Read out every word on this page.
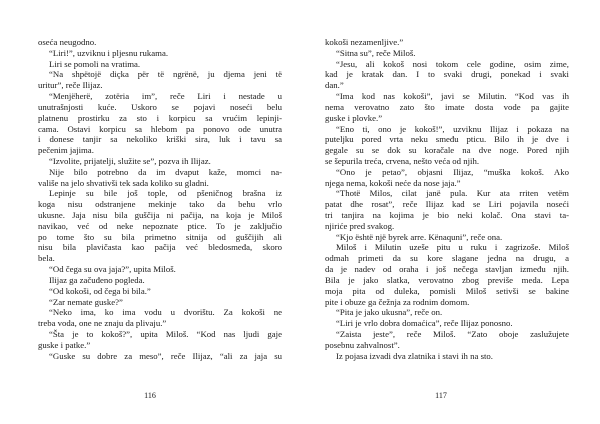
oseća neugodno.
“Liri!”, uzviknu i pljesnu rukama.
Liri se pomoli na vratima.
“Na shpëtojë diçka për të ngrënë, ju djema jeni të
uritur”, reče Ilijaz.
“Menjëherë, zotëria im”, reče Liri i nestade u
unutrašnjosti kuće. Uskoro se pojavi noseći belu
platnenu prostirku za sto i korpicu sa vrućim lepinji-
cama. Ostavi korpicu sa hlebom pa ponovo ode unutra
i donese tanjir sa nekoliko kriški sira, luk i tavu sa
pečenim jajima.
“Izvolite, prijatelji, služite se”, pozva ih Ilijaz.
Nije bilo potrebno da im dvaput kaže, momci na-
vališe na jelo shvativši tek sada koliko su gladni.
Lepinje su bile još tople, od pšeničnog brašna iz
koga nisu odstranjene mekinje tako da behu vrlo
ukusne. Jaja nisu bila guščija ni pačija, na koja je Miloš
navikao, već od neke nepoznate ptice. To je zaključio
po tome što su bila primetno sitnija od guščijih ali
nisu bila plavičasta kao pačija već bledosmeđa, skoro
bela.
“Od čega su ova jaja?”, upita Miloš.
Ilijaz ga začuđeno pogleda.
“Od kokoši, od čega bi bila.”
“Zar nemate guske?”
“Neko ima, ko ima vodu u dvorištu. Za kokoši ne
treba voda, one ne znaju da plivaju.”
“Šta je to kokoš?”, upita Miloš. “Kod nas ljudi gaje
guske i patke.”
“Guske su dobre za meso”, reče Ilijaz, “ali za jaja su
kokoši nezamenljive.”
“Sitna su”, reče Miloš.
“Jesu, ali kokoš nosi tokom cele godine, osim zime,
kad je kratak dan. I to svaki drugi, ponekad i svaki
dan.”
“Ima kod nas kokoši”, javi se Milutin. “Kod vas ih
nema verovatno zato što imate dosta vode pa gajite
guske i plovke.”
“Eno ti, ono je kokoš!”, uzviknu Ilijaz i pokaza na
puteljku pored vrta neku smeđu pticu. Bilo ih je dve i
gegale su se dok su koračale na dve noge. Pored njih
se šepurila treća, crvena, nešto veća od njih.
“Ono je petao”, objasni Ilijaz, “muška kokoš. Ako
njega nema, kokoši neće da nose jaja.”
“Thotë Milos, cilat janë pula. Kur ata rriten vetëm
patat dhe rosat”, reče Ilijaz kad se Liri pojavila noseći
tri tanjira na kojima je bio neki kolač. Ona stavi ta-
njiriće pred svakog.
“Kjo është një byrek arre. Kënaquni”, reče ona.
Miloš i Milutin uzeše pitu u ruku i zagrizoše. Miloš
odmah primeti da su kore slagane jedna na drugu, a
da je nadev od oraha i još nečega stavljan između njih.
Bila je jako slatka, verovatno zbog previše meda. Lepa
moja pita od duleka, pomisli Miloš setivši se bakine
pite i obuze ga čežnja za rodnim domom.
“Pita je jako ukusna”, reče on.
“Liri je vrlo dobra domaćica”, reče Ilijaz ponosno.
“Zaista jeste”, reče Miloš. “Zato oboje zaslužujete
posebnu zahvalnost”.
Iz pojasa izvadi dva zlatnika i stavi ih na sto.
116	117
